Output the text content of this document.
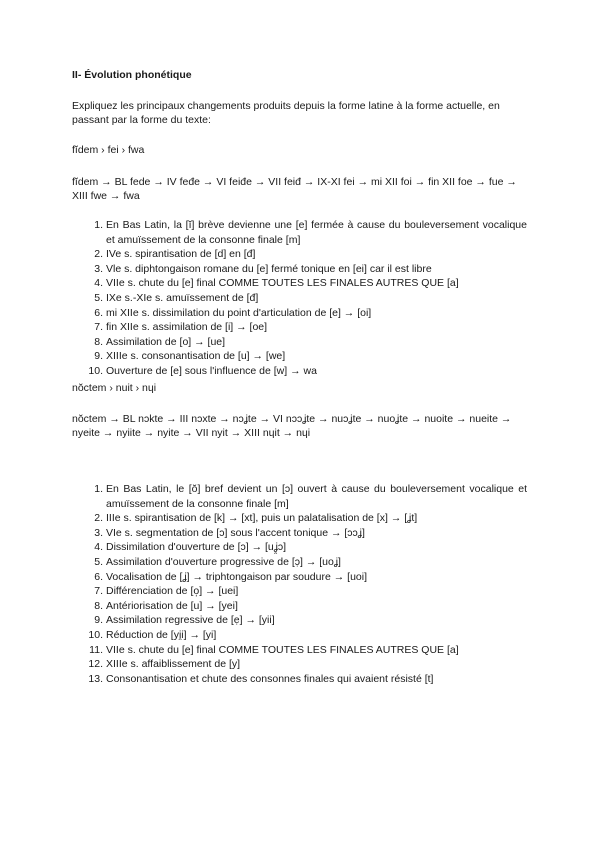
II- Évolution phonétique
Expliquez les principaux changements produits depuis la forme latine à la forme actuelle, en passant par la forme du texte:
fĭdem › fei › fwa
fĭdem → BL fede → IV feđe → VI feiđe → VII feiđ → IX-XI fei → mi XII foi → fin XII foe → fue → XIII fwe → fwa
1. En Bas Latin, la [ĭ] brève devienne une [e] fermée à cause du bouleversement vocalique et amuïssement de la consonne finale [m]
2. IVe s. spirantisation de [d] en [đ]
3. Vle s. diphtongaison romane du [e] fermé tonique en [ei] car il est libre
4. VIIe s. chute du [e] final COMME TOUTES LES FINALES AUTRES QUE [a]
5. IXe s.-XIe s. amuïssement de [đ]
6. mi XIIe s. dissimilation du point d'articulation de [e] → [oi]
7. fin XIIe s. assimilation de [i] → [oe]
8. Assimilation de [o] → [ue]
9. XIIIe s. consonantisation de [u] → [we]
10. Ouverture de [e] sous l'influence de [w] → wa
nŏctem › nuit › nɥi
nŏctem → BL nɔkte → III nɔxte → nɔʝte → VI nɔɔʝte → nuɔʝte → nuoʝte → nuoite → nueite → nyeite → nyiite → nyite → VII nyit → XIII nɥit → nɥi
1. En Bas Latin, le [ŏ] bref devient un [ɔ] ouvert à cause du bouleversement vocalique et amuïssement de la consonne finale [m]
2. IIIe s. spirantisation de [k] → [xt], puis un palatalisation de [x] → [ʝt]
3. VIe s. segmentation de [ɔ] sous l'accent tonique → [ɔɔʝ]
4. Dissimilation d'ouverture de [ɔ] → [uʝ̯ɔ]
5. Assimilation d'ouverture progressive de [ɔ̣] → [uoʝ]
6. Vocalisation de [ʝ] → triphtongaison par soudure → [uoi]
7. Différenciation de [o̩] → [uei]
8. Antériorisation de [u] → [yei]
9. Assimilation regressive de [ẹ] → [yii]
10. Réduction de [yi̯i] → [yi]
11. VIIe s. chute du [e] final COMME TOUTES LES FINALES AUTRES QUE [a]
12. XIIIe s. affaiblissement de [y]
13. Consonantisation et chute des consonnes finales qui avaient résisté [t]
